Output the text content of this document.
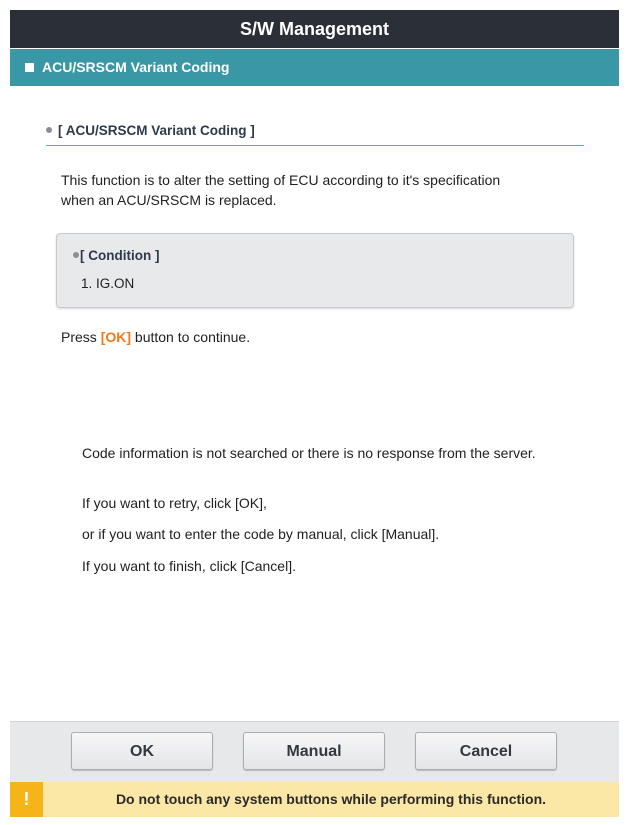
S/W Management
ACU/SRSCM Variant Coding
[ ACU/SRSCM Variant Coding ]
This function is to alter the setting of ECU according to it's specification
when an ACU/SRSCM is replaced.
[ Condition ]
1. IG.ON
Press [OK] button to continue.
Code information is not searched or there is no response from the server.
If you want to retry, click [OK],
or if you want to enter the code by manual, click [Manual].
If you want to finish, click [Cancel].
OK	Manual	Cancel
!	Do not touch any system buttons while performing this function.
